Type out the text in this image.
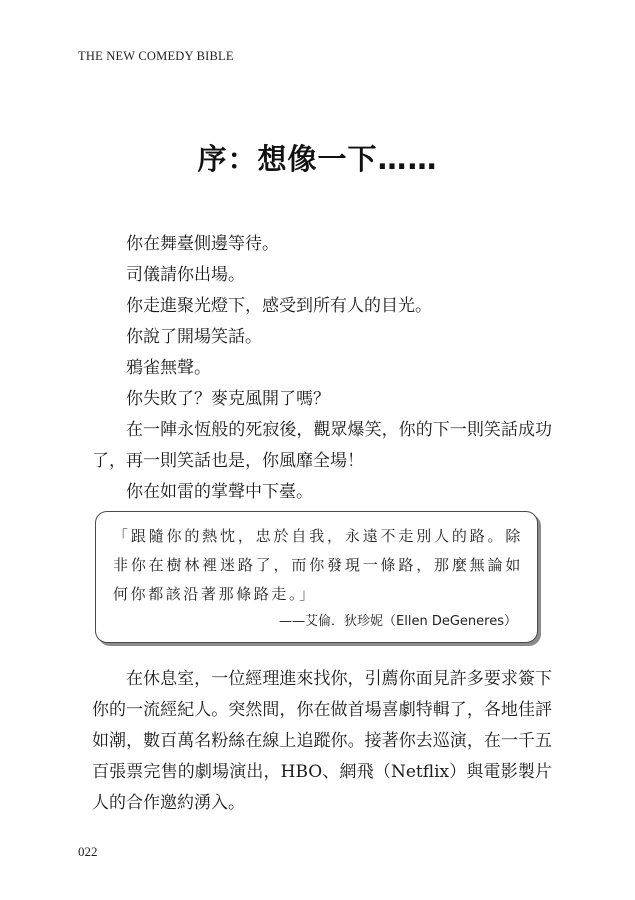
THE NEW COMEDY BIBLE
序：想像一下……

你在舞臺側邊等待。

司儀請你出場。

你走進聚光燈下，感受到所有人的目光。

你說了開場笑話。

鴉雀無聲。

你失敗了？麥克風開了嗎？

在一陣永恆般的死寂後，觀眾爆笑，你的下一則笑話成功了，再一則笑話也是，你風靡全場！

你在如雷的掌聲中下臺。

「跟隨你的熱忱，忠於自我，永遠不走別人的路。除非你在樹林裡迷路了，而你發現一條路，那麼無論如何你都該沿著那條路走。」

——艾倫．狄珍妮（Ellen DeGeneres）

在休息室，一位經理進來找你，引薦你面見許多要求簽下你的一流經紀人。突然間，你在做首場喜劇特輯了，各地佳評如潮，數百萬名粉絲在線上追蹤你。接著你去巡演，在一千五百張票完售的劇場演出，HBO、網飛（Netflix）與電影製片人的合作邀約湧入。

022
